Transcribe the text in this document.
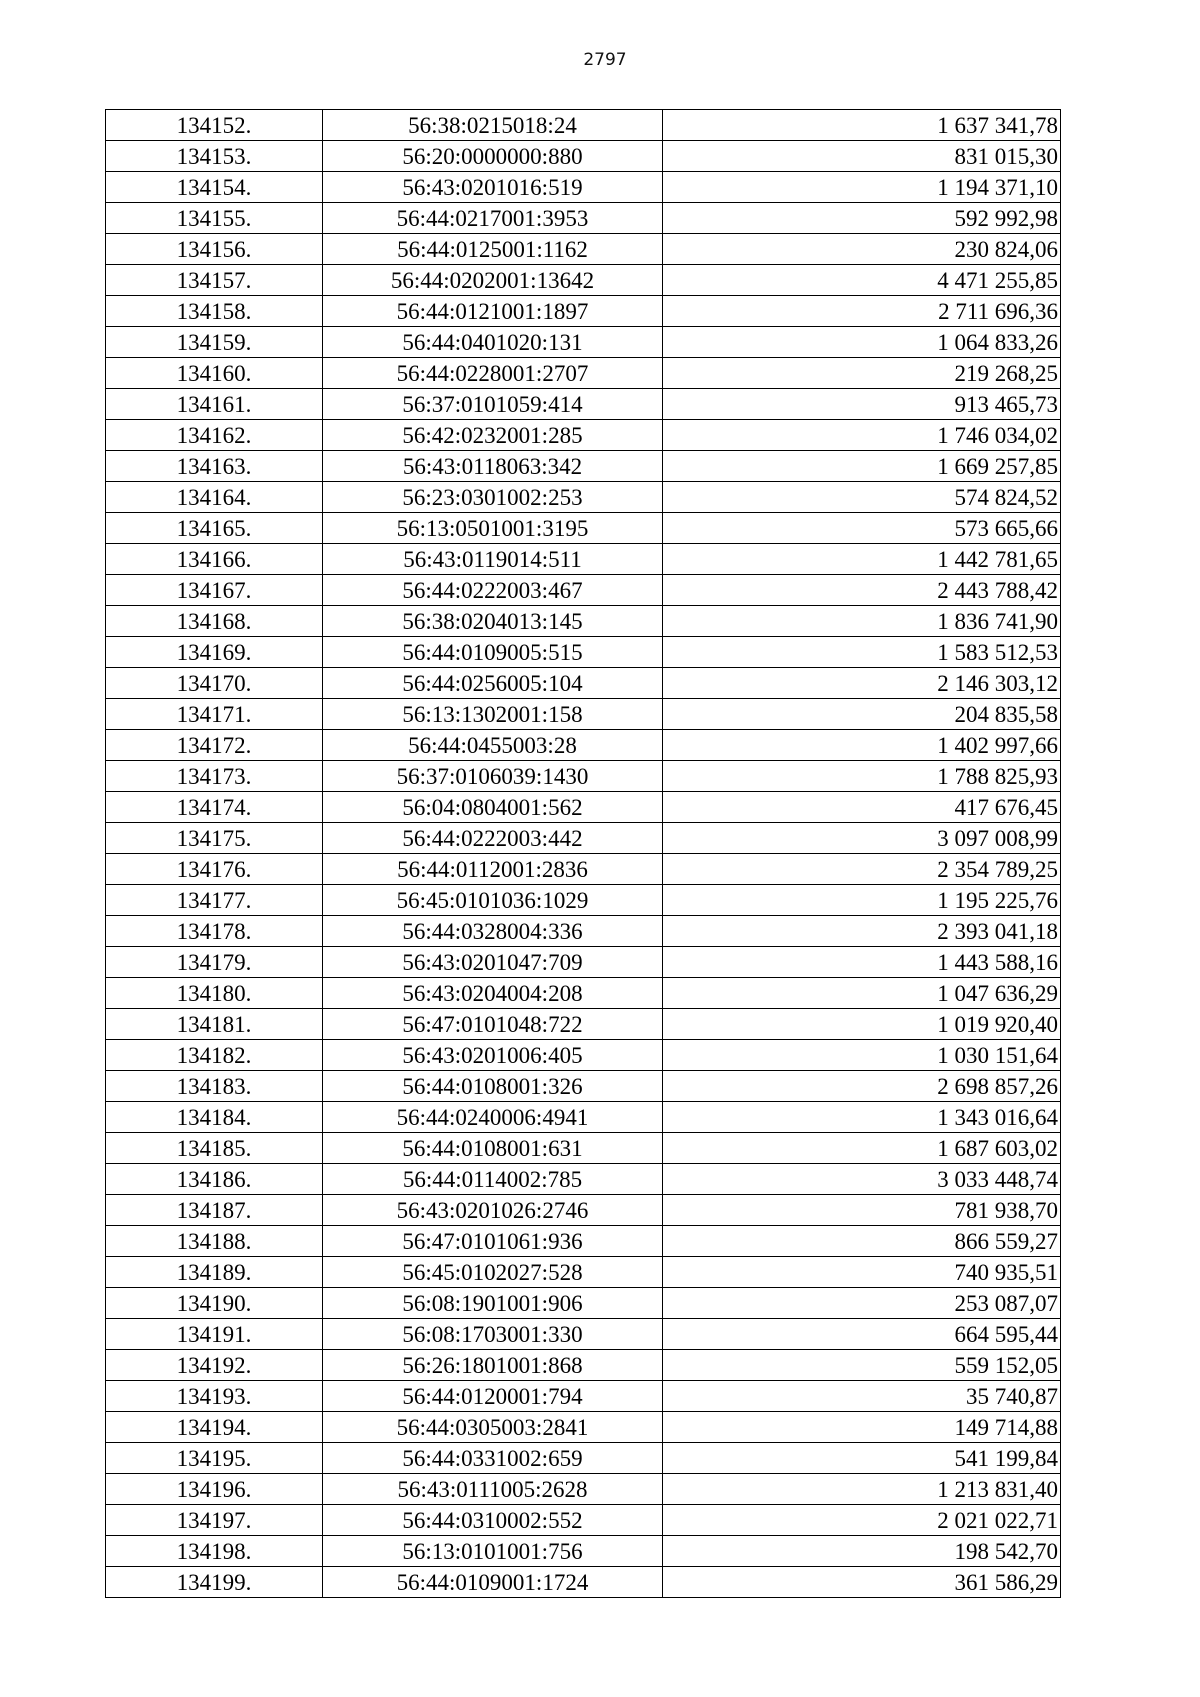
2797
134152.	56:38:0215018:24	1 637 341,78
134153.	56:20:0000000:880	831 015,30
134154.	56:43:0201016:519	1 194 371,10
134155.	56:44:0217001:3953	592 992,98
134156.	56:44:0125001:1162	230 824,06
134157.	56:44:0202001:13642	4 471 255,85
134158.	56:44:0121001:1897	2 711 696,36
134159.	56:44:0401020:131	1 064 833,26
134160.	56:44:0228001:2707	219 268,25
134161.	56:37:0101059:414	913 465,73
134162.	56:42:0232001:285	1 746 034,02
134163.	56:43:0118063:342	1 669 257,85
134164.	56:23:0301002:253	574 824,52
134165.	56:13:0501001:3195	573 665,66
134166.	56:43:0119014:511	1 442 781,65
134167.	56:44:0222003:467	2 443 788,42
134168.	56:38:0204013:145	1 836 741,90
134169.	56:44:0109005:515	1 583 512,53
134170.	56:44:0256005:104	2 146 303,12
134171.	56:13:1302001:158	204 835,58
134172.	56:44:0455003:28	1 402 997,66
134173.	56:37:0106039:1430	1 788 825,93
134174.	56:04:0804001:562	417 676,45
134175.	56:44:0222003:442	3 097 008,99
134176.	56:44:0112001:2836	2 354 789,25
134177.	56:45:0101036:1029	1 195 225,76
134178.	56:44:0328004:336	2 393 041,18
134179.	56:43:0201047:709	1 443 588,16
134180.	56:43:0204004:208	1 047 636,29
134181.	56:47:0101048:722	1 019 920,40
134182.	56:43:0201006:405	1 030 151,64
134183.	56:44:0108001:326	2 698 857,26
134184.	56:44:0240006:4941	1 343 016,64
134185.	56:44:0108001:631	1 687 603,02
134186.	56:44:0114002:785	3 033 448,74
134187.	56:43:0201026:2746	781 938,70
134188.	56:47:0101061:936	866 559,27
134189.	56:45:0102027:528	740 935,51
134190.	56:08:1901001:906	253 087,07
134191.	56:08:1703001:330	664 595,44
134192.	56:26:1801001:868	559 152,05
134193.	56:44:0120001:794	35 740,87
134194.	56:44:0305003:2841	149 714,88
134195.	56:44:0331002:659	541 199,84
134196.	56:43:0111005:2628	1 213 831,40
134197.	56:44:0310002:552	2 021 022,71
134198.	56:13:0101001:756	198 542,70
134199.	56:44:0109001:1724	361 586,29
